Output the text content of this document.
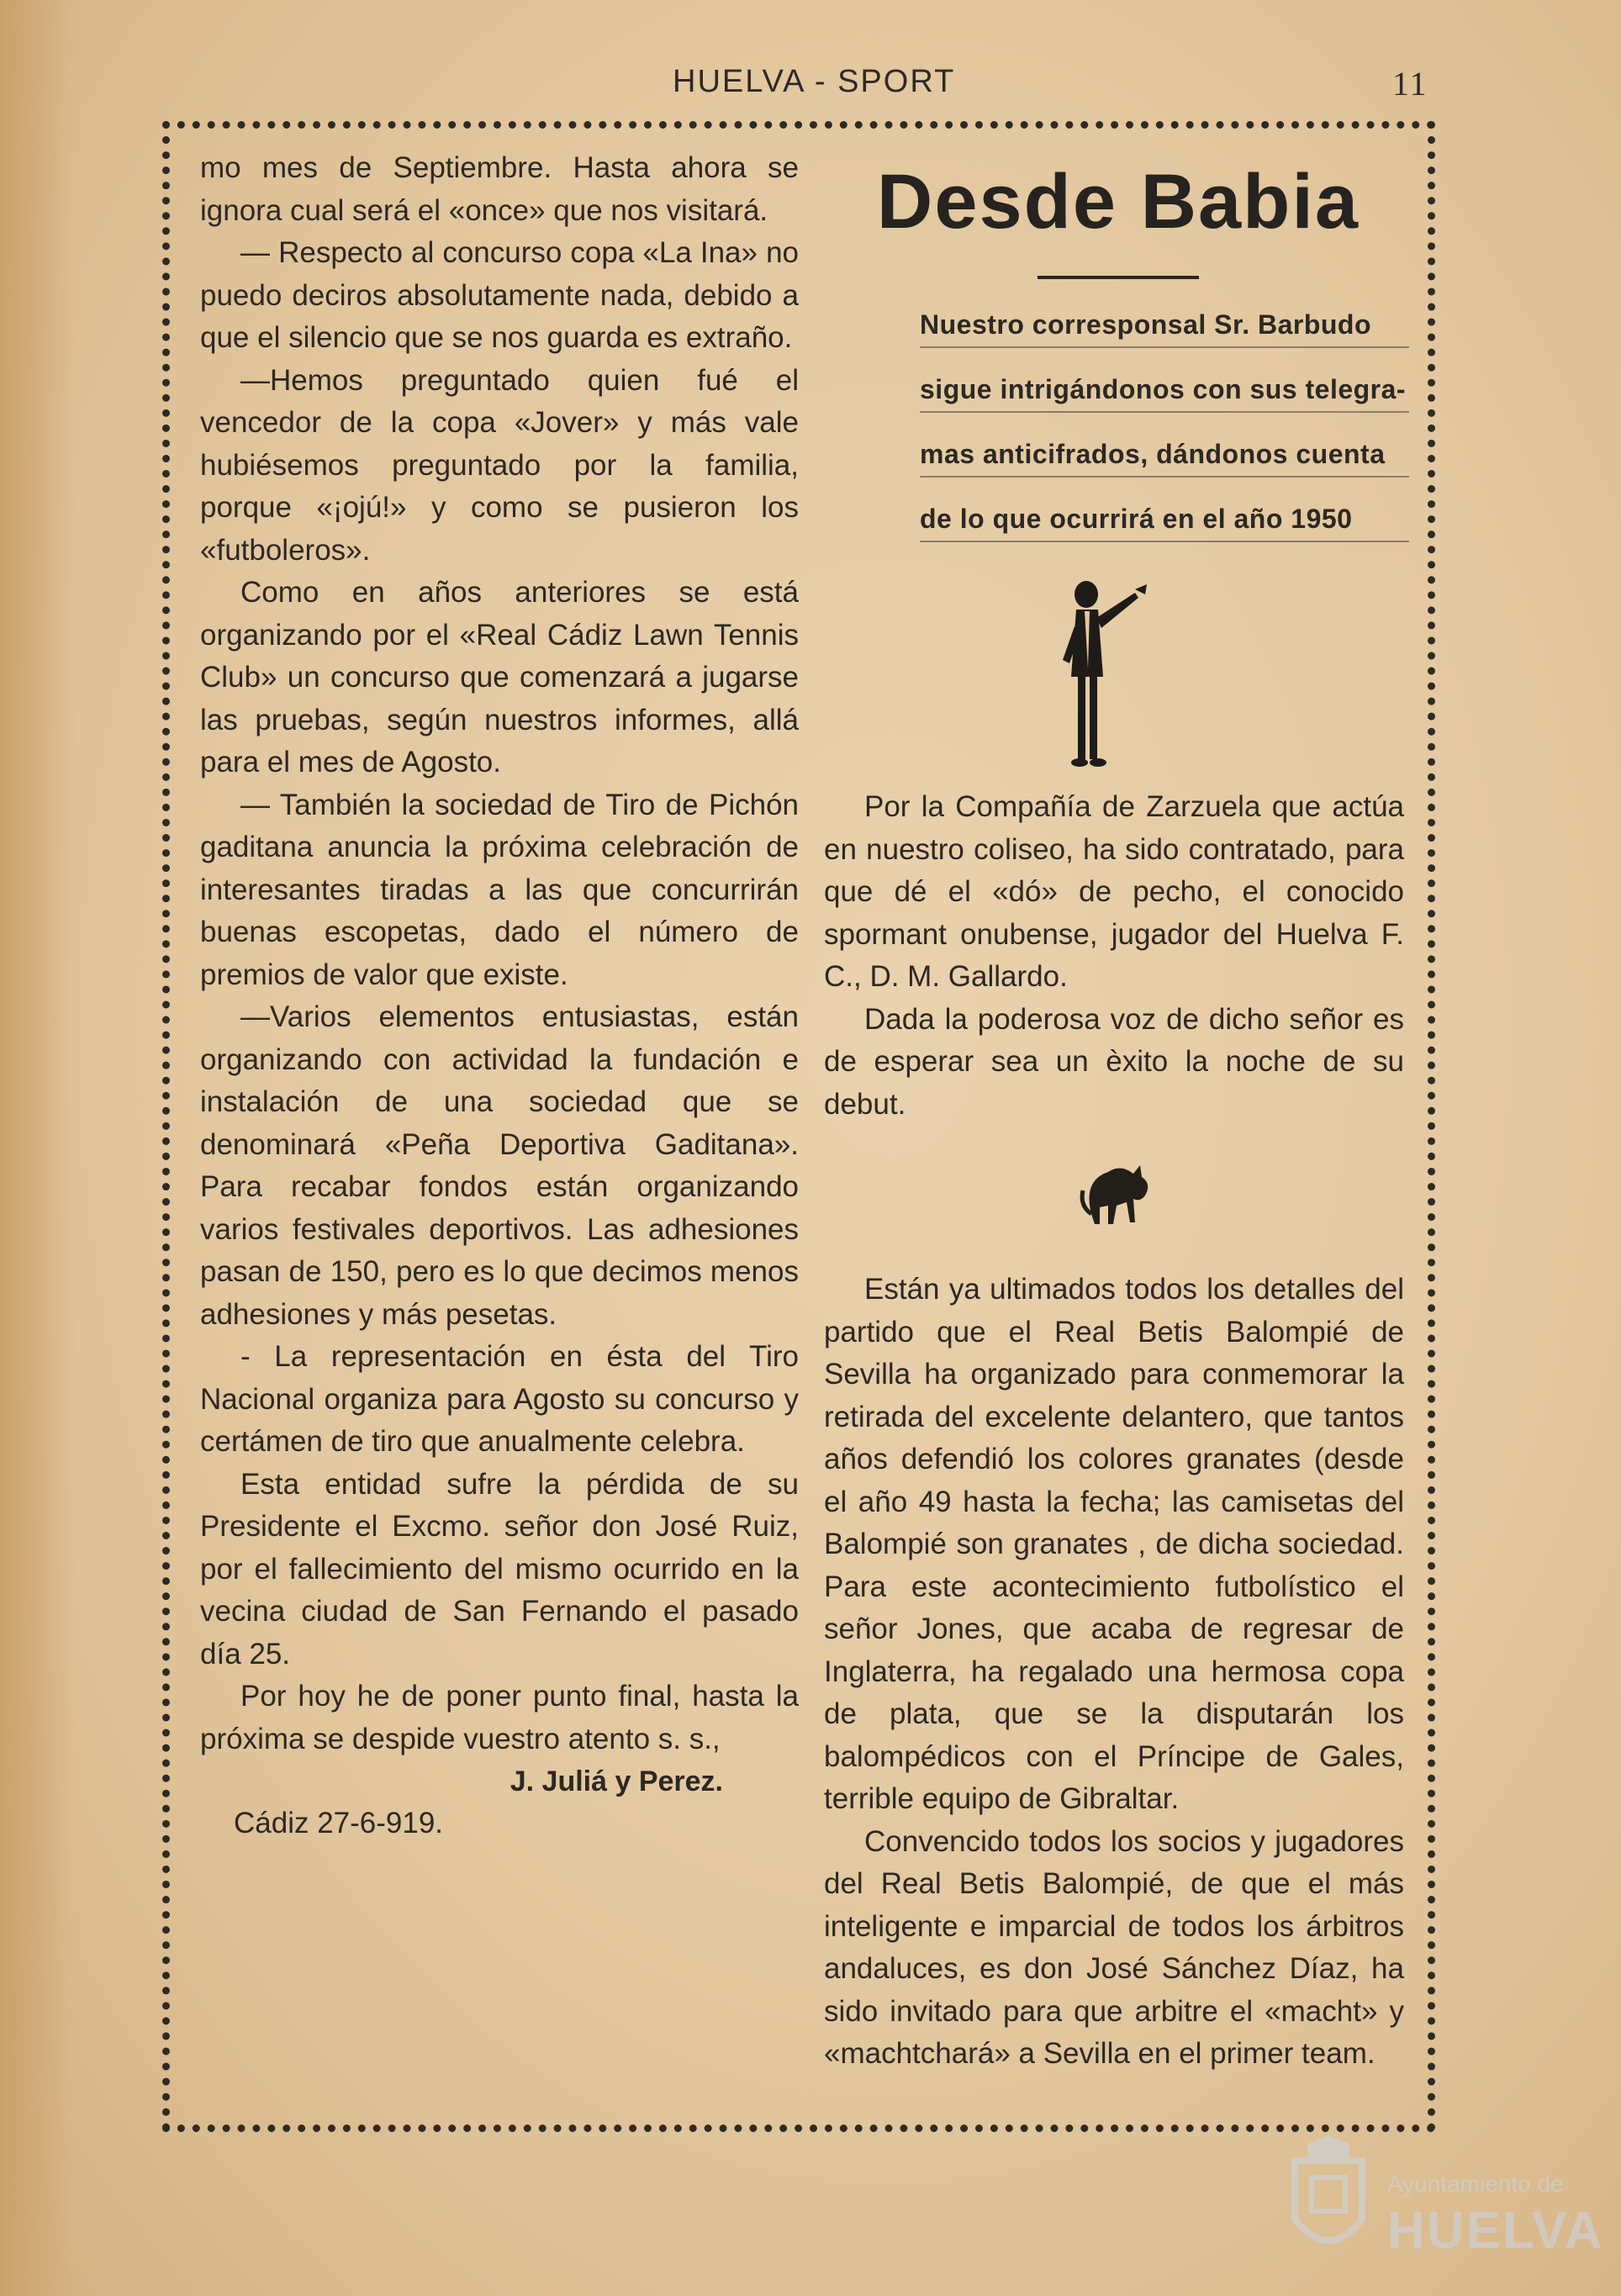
HUELVA - SPORT	11

mo mes de Septiembre. Hasta ahora se ignora cual será el «once» que nos visitará.

— Respecto al concurso copa «La Ina» no puedo deciros absolutamente nada, debido a que el silencio que se nos guarda es extraño.

—Hemos preguntado quien fué el vencedor de la copa «Jover» y más vale hubiésemos preguntado por la familia, porque «¡ojú!» y como se pusieron los «futboleros».

Como en años anteriores se está organizando por el «Real Cádiz Lawn Tennis Club» un concurso que comenzará a jugarse las pruebas, según nuestros informes, allá para el mes de Agosto.

— También la sociedad de Tiro de Pichón gaditana anuncia la próxima celebración de interesantes tiradas a las que concurrirán buenas escopetas, dado el número de premios de valor que existe.

—Varios elementos entusiastas, están organizando con actividad la fundación e instalación de una sociedad que se denominará «Peña Deportiva Gaditana». Para recabar fondos están organizando varios festivales deportivos. Las adhesiones pasan de 150, pero es lo que decimos menos adhesiones y más pesetas.

- La representación en ésta del Tiro Nacional organiza para Agosto su concurso y certámen de tiro que anualmente celebra.

Esta entidad sufre la pérdida de su Presidente el Excmo. señor don José Ruiz, por el fallecimiento del mismo ocurrido en la vecina ciudad de San Fernando el pasado día 25.

Por hoy he de poner punto final, hasta la próxima se despide vuestro atento s. s.,

J. Juliá y Perez.

Cádiz 27-6-919.

Desde Babia
Nuestro corresponsal Sr. Barbudo
sigue intrigándonos con sus telegra-
mas anticifrados, dándonos cuenta
de lo que ocurrirá en el año 1950

Por la Compañía de Zarzuela que actúa en nuestro coliseo, ha sido contratado, para que dé el «dó» de pecho, el conocido spormant onubense, jugador del Huelva F. C., D. M. Gallardo.

Dada la poderosa voz de dicho señor es de esperar sea un èxito la noche de su debut.

Están ya ultimados todos los detalles del partido que el Real Betis Balompié de Sevilla ha organizado para conmemorar la retirada del excelente delantero, que tantos años defendió los colores granates (desde el año 49 hasta la fecha; las camisetas del Balompié son granates , de dicha sociedad. Para este acontecimiento futbolístico el señor Jones, que acaba de regresar de Inglaterra, ha regalado una hermosa copa de plata, que se la disputarán los balompédicos con el Príncipe de Gales, terrible equipo de Gibraltar.

Convencido todos los socios y jugadores del Real Betis Balompié, de que el más inteligente e imparcial de todos los árbitros andaluces, es don José Sánchez Díaz, ha sido invitado para que arbitre el «macht» y «machtchará» a Sevilla en el primer team.

Ayuntamiento de
HUELVA
